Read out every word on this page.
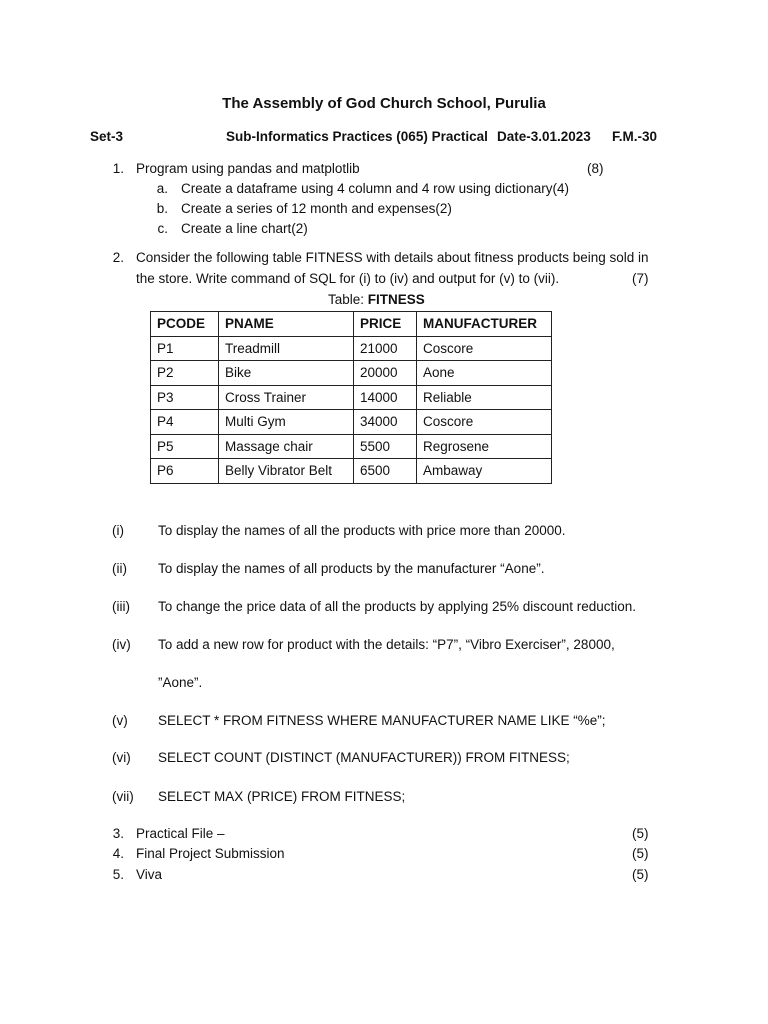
The Assembly of God Church School, Purulia
Set-3	Sub-Informatics Practices (065) Practical Date-3.01.2023 F.M.-30
1. Program using pandas and matplotlib	(8)
a. Create a dataframe using 4 column and 4 row using dictionary(4)
b. Create a series of 12 month and expenses(2)
c. Create a line chart(2)
2. Consider the following table FITNESS with details about fitness products being sold in
the store. Write command of SQL for (i) to (iv) and output for (v) to (vii).	(7)
Table: FITNESS
PCODE	PNAME	PRICE	MANUFACTURER
P1	Treadmill	21000	Coscore
P2	Bike	20000	Aone
P3	Cross Trainer	14000	Reliable
P4	Multi Gym	34000	Coscore
P5	Massage chair	5500	Regrosene
P6	Belly Vibrator Belt	6500	Ambaway
(i)	To display the names of all the products with price more than 20000.
(ii)	To display the names of all products by the manufacturer “Aone”.
(iii)	To change the price data of all the products by applying 25% discount reduction.
(iv)	To add a new row for product with the details: “P7”, “Vibro Exerciser”, 28000,
”Aone”.
(v)	SELECT * FROM FITNESS WHERE MANUFACTURER NAME LIKE “%e”;
(vi)	SELECT COUNT (DISTINCT (MANUFACTURER)) FROM FITNESS;
(vii)	SELECT MAX (PRICE) FROM FITNESS;
3. Practical File –	(5)
4. Final Project Submission	(5)
5. Viva	(5)
